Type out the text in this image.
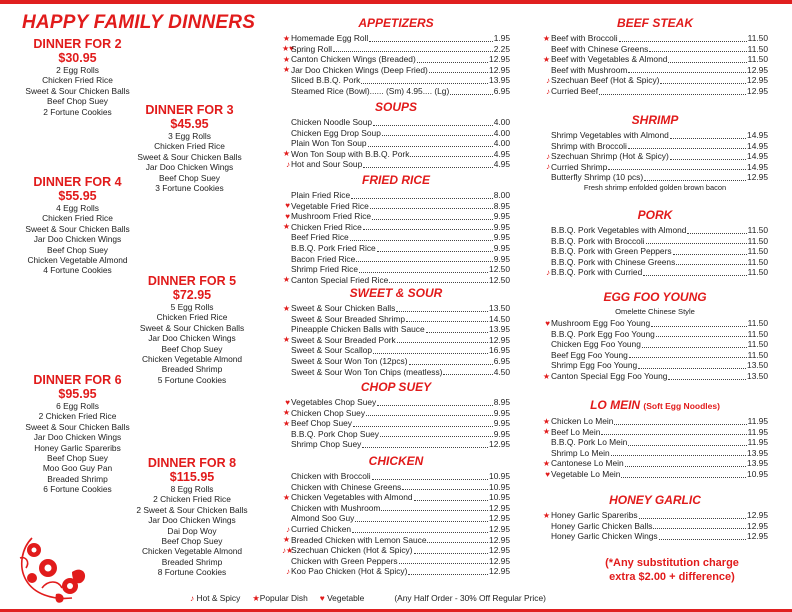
HAPPY FAMILY DINNERS
DINNER FOR 2
$30.95
2 Egg Rolls
Chicken Fried Rice
Sweet & Sour Chicken Balls
Beef Chop Suey
2 Fortune Cookies	DINNER FOR 3
$45.95
3 Egg Rolls
Chicken Fried Rice
Sweet & Sour Chicken Balls
Jar Doo Chicken Wings
Beef Chop Suey
3 Fortune Cookies
DINNER FOR 4
$55.95
4 Egg Rolls
Chicken Fried Rice
Sweet & Sour Chicken Balls
Jar Doo Chicken Wings
Beef Chop Suey
Chicken Vegetable Almond
4 Fortune Cookies
DINNER FOR 5
$72.95
5 Egg Rolls
Chicken Fried Rice
Sweet & Sour Chicken Balls
Jar Doo Chicken Wings
Beef Chop Suey
Chicken Vegetable Almond
Breaded Shrimp
5 Fortune Cookies
DINNER FOR 6
$95.95
6 Egg Rolls
2 Chicken Fried Rice
Sweet & Sour Chicken Balls
Jar Doo Chicken Wings
Honey Garlic Spareribs
Beef Chop Suey
Moo Goo Guy Pan
Breaded Shrimp
6 Fortune Cookies
DINNER FOR 8
$115.95
8 Egg Rolls
2 Chicken Fried Rice
2 Sweet & Sour Chicken Balls
Jar Doo Chicken Wings
Dai Dop Woy
Beef Chop Suey
Chicken Vegetable Almond
Breaded Shrimp
8 Fortune Cookies
APPETIZERS
★ Homemade Egg Roll	1.95
★♥
Spring Roll	2.25
★ Canton Chicken Wings (Breaded)	12.95
★ Jar Doo Chicken Wings (Deep Fried)	12.95
Sliced B.B.Q. Pork	13.95
Steamed Rice (Bowl)...... (Sm) 4.95.... (Lg)	6.95
SOUPS
Chicken Noodle Soup	4.00
Chicken Egg Drop Soup	4.00
Plain Won Ton Soup	4.00
★ Won Ton Soup with B.B.Q. Pork	4.95
♪ Hot and Sour Soup	4.95
FRIED RICE
Plain Fried Rice	8.00
♥ Vegetable Fried Rice	8.95
♥ Mushroom Fried Rice	9.95
★ Chicken Fried Rice	9.95
Beef Fried Rice	9.95
B.B.Q. Pork Fried Rice	9.95
Bacon Fried Rice	9.95
Shrimp Fried Rice	12.50
★ Canton Special Fried Rice	12.50
SWEET & SOUR
★ Sweet & Sour Chicken Balls	13.50
Sweet & Sour Breaded Shrimp	14.50
Pineapple Chicken Balls with Sauce	13.95
★ Sweet & Sour Breaded Pork	12.95
Sweet & Sour Scallop	16.95
Sweet & Sour Won Ton (12pcs)	6.95
Sweet & Sour Won Ton Chips (meatless)	4.50
CHOP SUEY
♥ Vegetables Chop Suey	8.95
★ Chicken Chop Suey	9.95
★ Beef Chop Suey	9.95
B.B.Q. Pork Chop Suey	9.95
Shrimp Chop Suey	12.95
CHICKEN
Chicken with Broccoli	10.95
Chicken with Chinese Greens	10.95
★ Chicken Vegetables with Almond	10.95
Chicken with Mushroom	12.95
Almond Soo Guy	12.95
♪ Curried Chicken	12.95
★ Breaded Chicken with Lemon Sauce	12.95
♪★
Szechuan Chicken (Hot & Spicy)	12.95
Chicken with Green Peppers	12.95
♪ Koo Pao Chicken (Hot & Spicy)	12.95
BEEF STEAK
★ Beef with Broccoli	11.50
Beef with Chinese Greens	11.50
★ Beef with Vegetables & Almond	11.50
Beef with Mushroom	12.95
♪ Szechuan Beef (Hot & Spicy)	12.95
♪ Curried Beef	12.95
SHRIMP
Shrimp Vegetables with Almond	14.95
Shrimp with Broccoli	14.95
♪ Szechuan Shrimp (Hot & Spicy)	14.95
♪ Curried Shrimp	14.95
Butterfly Shrimp (10 pcs)	12.95
Fresh shrimp enfolded golden brown bacon
PORK
B.B.Q. Pork Vegetables with Almond	11.50
B.B.Q. Pork with Broccoli	11.50
B.B.Q. Pork with Green Peppers	11.50
B.B.Q. Pork with Chinese Greens	11.50
♪ B.B.Q. Pork with Curried	11.50
EGG FOO YOUNG
Omelette Chinese Style
♥ Mushroom Egg Foo Young	11.50
B.B.Q. Pork Egg Foo Young	11.50
Chicken Egg Foo Young	11.50
Beef Egg Foo Young	11.50
Shrimp Egg Foo Young	13.50
★ Canton Special Egg Foo Young	13.50
LO MEIN (Soft Egg Noodles)
★ Chicken Lo Mein	11.95
★ Beef Lo Mein	11.95
B.B.Q. Pork Lo Mein	11.95
Shrimp Lo Mein	13.95
★ Cantonese Lo Mein	13.95
♥ Vegetable Lo Mein	10.95
HONEY GARLIC
★ Honey Garlic Spareribs	12.95
Honey Garlic Chicken Balls	12.95
Honey Garlic Chicken Wings	12.95
(*Any substitution charge
extra $2.00 + difference)
♪ Hot & Spicy ★Popular Dish ♥ Vegetable	(Any Half Order - 30% Off Regular Price)
